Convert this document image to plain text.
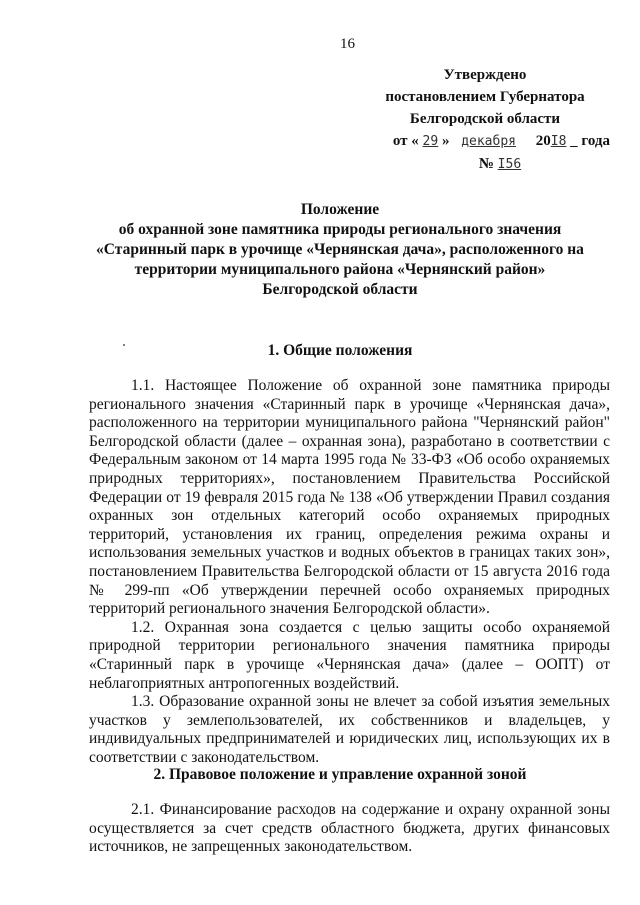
16
Утверждено
постановлением Губернатора
Белгородской области
от « 29 » декабря 20I8 года
№ I56
Положение
об охранной зоне памятника природы регионального значения
«Старинный парк в урочище «Чернянская дача», расположенного на
территории муниципального района «Чернянский район»
Белгородской области
1. Общие положения

1.1. Настоящее Положение об охранной зоне памятника природы регионального значения «Старинный парк в урочище «Чернянская дача», расположенного на территории муниципального района "Чернянский район" Белгородской области (далее – охранная зона), разработано в соответствии с Федеральным законом от 14 марта 1995 года № 33-ФЗ «Об особо охраняемых природных территориях», постановлением Правительства Российской Федерации от 19 февраля 2015 года № 138 «Об утверждении Правил создания охранных зон отдельных категорий особо охраняемых природных территорий, установления их границ, определения режима охраны и использования земельных участков и водных объектов в границах таких зон», постановлением Правительства Белгородской области от 15 августа 2016 года № 299-пп «Об утверждении перечней особо охраняемых природных территорий регионального значения Белгородской области».

1.2. Охранная зона создается с целью защиты особо охраняемой природной территории регионального значения памятника природы «Старинный парк в урочище «Чернянская дача» (далее – ООПТ) от неблагоприятных антропогенных воздействий.

1.3. Образование охранной зоны не влечет за собой изъятия земельных участков у землепользователей, их собственников и владельцев, у индивидуальных предпринимателей и юридических лиц, использующих их в соответствии с законодательством.

2. Правовое положение и управление охранной зоной

2.1. Финансирование расходов на содержание и охрану охранной зоны осуществляется за счет средств областного бюджета, других финансовых источников, не запрещенных законодательством.
